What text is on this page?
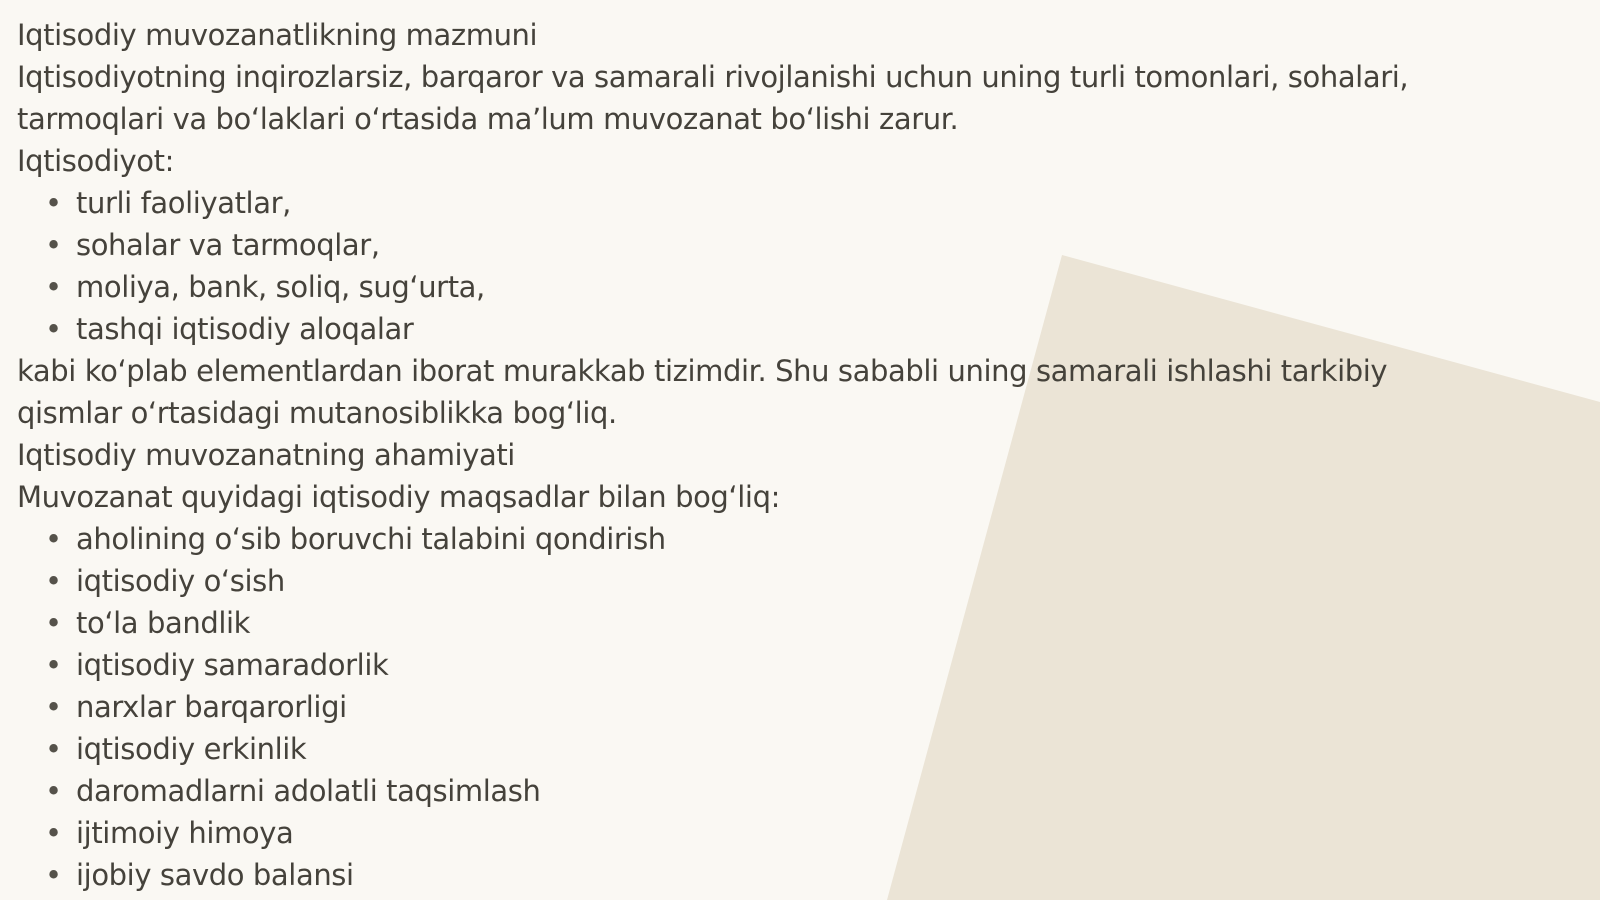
Iqtisodiy muvozanatlikning mazmuni

Iqtisodiyotning inqirozlarsiz, barqaror va samarali rivojlanishi uchun uning turli tomonlari, sohalari,

tarmoqlari va bo‘laklari o‘rtasida ma’lum muvozanat bo‘lishi zarur.

Iqtisodiyot:

• turli faoliyatlar,
• sohalar va tarmoqlar,
• moliya, bank, soliq, sug‘urta,
• tashqi iqtisodiy aloqalar

kabi ko‘plab elementlardan iborat murakkab tizimdir. Shu sababli uning samarali ishlashi tarkibiy

qismlar o‘rtasidagi mutanosiblikka bog‘liq.

Iqtisodiy muvozanatning ahamiyati

Muvozanat quyidagi iqtisodiy maqsadlar bilan bog‘liq:

• aholining o‘sib boruvchi talabini qondirish
• iqtisodiy o‘sish
• to‘la bandlik
• iqtisodiy samaradorlik
• narxlar barqarorligi
• iqtisodiy erkinlik
• daromadlarni adolatli taqsimlash
• ijtimoiy himoya
• ijobiy savdo balansi
